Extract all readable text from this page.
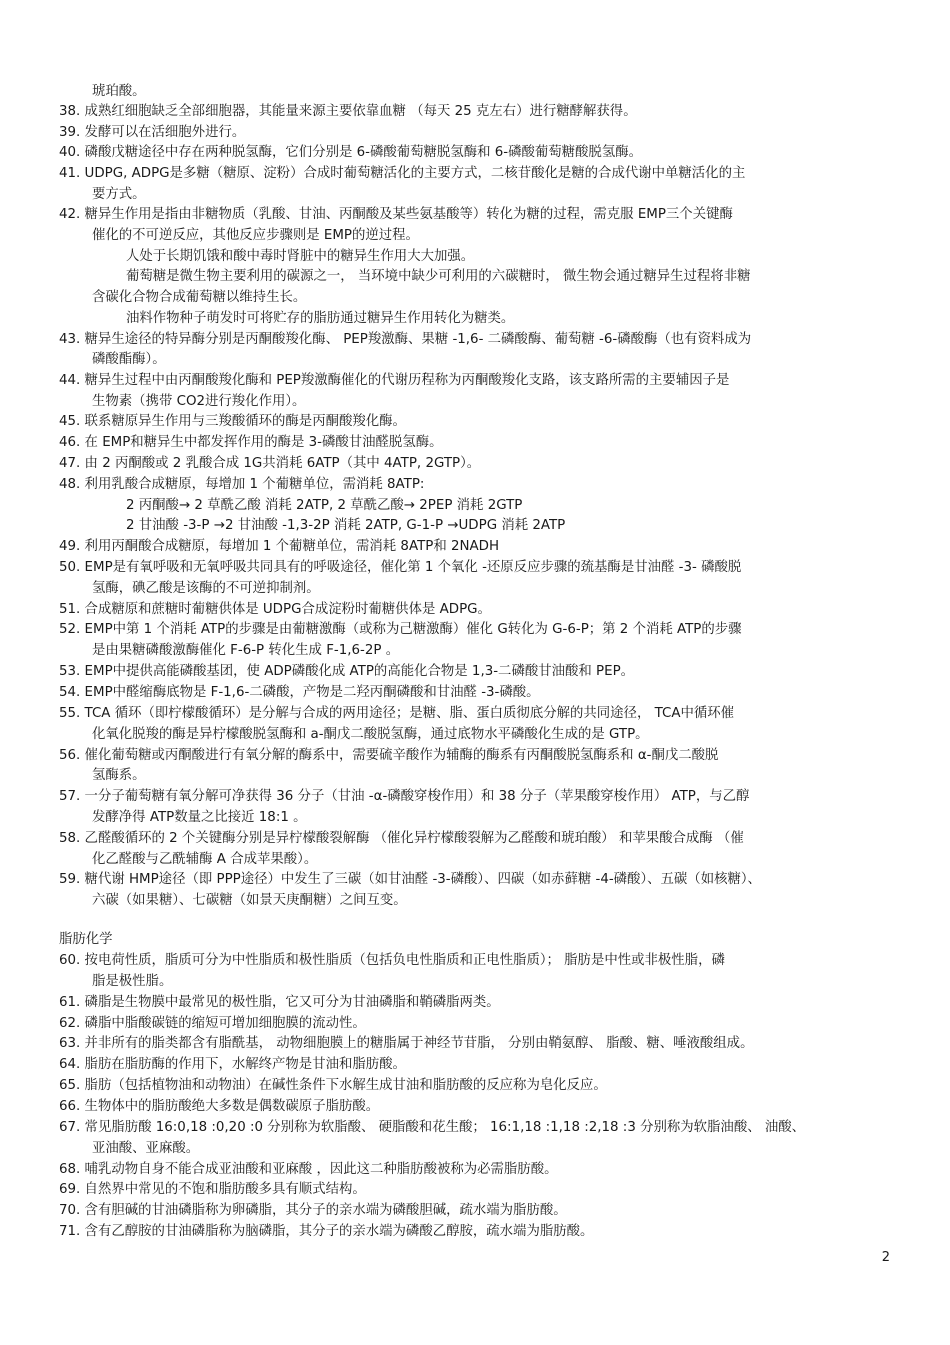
琥珀酸。
38. 成熟红细胞缺乏全部细胞器，其能量来源主要依靠血糖 （每天 25 克左右）进行糖酵解获得。
39. 发酵可以在活细胞外进行。
40. 磷酸戊糖途径中存在两种脱氢酶，它们分别是 6-磷酸葡萄糖脱氢酶和 6-磷酸葡萄糖酸脱氢酶。
41. UDPG, ADPG是多糖（糖原、淀粉）合成时葡萄糖活化的主要方式，二核苷酸化是糖的合成代谢中单糖活化的主
要方式。
42. 糖异生作用是指由非糖物质（乳酸、甘油、丙酮酸及某些氨基酸等）转化为糖的过程，需克服 EMP三个关键酶
催化的不可逆反应，其他反应步骤则是 EMP的逆过程。
人处于长期饥饿和酸中毒时肾脏中的糖异生作用大大加强。
葡萄糖是微生物主要利用的碳源之一， 当环境中缺少可利用的六碳糖时， 微生物会通过糖异生过程将非糖
含碳化合物合成葡萄糖以维持生长。
油料作物种子萌发时可将贮存的脂肪通过糖异生作用转化为糖类。
43. 糖异生途径的特异酶分别是丙酮酸羧化酶、 PEP羧激酶、果糖 -1,6- 二磷酸酶、葡萄糖 -6-磷酸酶（也有资料成为
磷酸酯酶）。
44. 糖异生过程中由丙酮酸羧化酶和 PEP羧激酶催化的代谢历程称为丙酮酸羧化支路，该支路所需的主要辅因子是
生物素（携带 CO2进行羧化作用）。
45. 联系糖原异生作用与三羧酸循环的酶是丙酮酸羧化酶。
46. 在 EMP和糖异生中都发挥作用的酶是 3-磷酸甘油醛脱氢酶。
47. 由 2 丙酮酸或 2 乳酸合成 1G共消耗 6ATP（其中 4ATP, 2GTP）。
48. 利用乳酸合成糖原，每增加 1 个葡糖单位，需消耗 8ATP:
2 丙酮酸→ 2 草酰乙酸 消耗 2ATP, 2 草酰乙酸→ 2PEP 消耗 2GTP
2 甘油酸 -3-P →2 甘油酸 -1,3-2P 消耗 2ATP, G-1-P →UDPG 消耗 2ATP
49. 利用丙酮酸合成糖原，每增加 1 个葡糖单位，需消耗 8ATP和 2NADH
50. EMP是有氧呼吸和无氧呼吸共同具有的呼吸途径，催化第 1 个氧化 -还原反应步骤的巯基酶是甘油醛 -3- 磷酸脱
氢酶，碘乙酸是该酶的不可逆抑制剂。
51. 合成糖原和蔗糖时葡糖供体是 UDPG合成淀粉时葡糖供体是 ADPG。
52. EMP中第 1 个消耗 ATP的步骤是由葡糖激酶（或称为己糖激酶）催化 G转化为 G-6-P；第 2 个消耗 ATP的步骤
是由果糖磷酸激酶催化 F-6-P 转化生成 F-1,6-2P 。
53. EMP中提供高能磷酸基团，使 ADP磷酸化成 ATP的高能化合物是 1,3-二磷酸甘油酸和 PEP。
54. EMP中醛缩酶底物是 F-1,6-二磷酸，产物是二羟丙酮磷酸和甘油醛 -3-磷酸。
55. TCA 循环（即柠檬酸循环）是分解与合成的两用途径；是糖、脂、蛋白质彻底分解的共同途径， TCA中循环催
化氧化脱羧的酶是异柠檬酸脱氢酶和 a-酮戊二酸脱氢酶，通过底物水平磷酸化生成的是 GTP。
56. 催化葡萄糖或丙酮酸进行有氧分解的酶系中，需要硫辛酸作为辅酶的酶系有丙酮酸脱氢酶系和 α-酮戊二酸脱
氢酶系。
57. 一分子葡萄糖有氧分解可净获得 36 分子（甘油 -α-磷酸穿梭作用）和 38 分子（苹果酸穿梭作用） ATP，与乙醇
发酵净得 ATP数量之比接近 18:1 。
58. 乙醛酸循环的 2 个关键酶分别是异柠檬酸裂解酶 （催化异柠檬酸裂解为乙醛酸和琥珀酸） 和苹果酸合成酶 （催
化乙醛酸与乙酰辅酶 A 合成苹果酸）。
59. 糖代谢 HMP途径（即 PPP途径）中发生了三碳（如甘油醛 -3-磷酸）、四碳（如赤藓糖 -4-磷酸）、五碳（如核糖）、
六碳（如果糖）、七碳糖（如景天庚酮糖）之间互变。
脂肪化学
60. 按电荷性质，脂质可分为中性脂质和极性脂质（包括负电性脂质和正电性脂质）； 脂肪是中性或非极性脂，磷
脂是极性脂。
61. 磷脂是生物膜中最常见的极性脂，它又可分为甘油磷脂和鞘磷脂两类。
62. 磷脂中脂酸碳链的缩短可增加细胞膜的流动性。
63. 并非所有的脂类都含有脂酰基， 动物细胞膜上的糖脂属于神经节苷脂， 分别由鞘氨醇、 脂酸、糖、唾液酸组成。
64. 脂肪在脂肪酶的作用下，水解终产物是甘油和脂肪酸。
65. 脂肪（包括植物油和动物油）在碱性条件下水解生成甘油和脂肪酸的反应称为皂化反应。
66. 生物体中的脂肪酸绝大多数是偶数碳原子脂肪酸。
67. 常见脂肪酸 16:0,18 :0,20 :0 分别称为软脂酸、 硬脂酸和花生酸； 16:1,18 :1,18 :2,18 :3 分别称为软脂油酸、 油酸、
亚油酸、亚麻酸。
68. 哺乳动物自身不能合成亚油酸和亚麻酸 ，因此这二种脂肪酸被称为必需脂肪酸。
69. 自然界中常见的不饱和脂肪酸多具有顺式结构。
70. 含有胆碱的甘油磷脂称为卵磷脂，其分子的亲水端为磷酸胆碱，疏水端为脂肪酸。
71. 含有乙醇胺的甘油磷脂称为脑磷脂，其分子的亲水端为磷酸乙醇胺，疏水端为脂肪酸。
2
